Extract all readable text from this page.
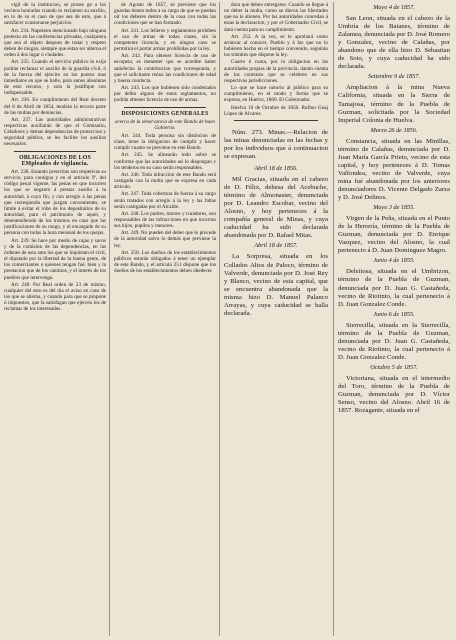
vigil de la institucion, se proste ge a los vecinos honrados cuando lo reclamen su auxilio, en lo de su el caso de que sea de esto, que á satisfacer ocasionarse perjuicios.

Art. 234. Napoleon mencionado bajo ninguna pretexto en las conferencias privadas, cualquiera que sea el objeto despues de tratar y respeto deben de mugan, siempre que estan ser alterna el orden á dos lugar ó ciudades.

Art. 235. Cuando el servicio público lo exija podrán reclamar el auxilio de la guardia civil, ó de la fuerza del ejército en los puntos mas inmediatos en que se halle, para aunes absolutas de esto recurso, y solo la justifique con indispensable.

Art. 236. En cumplimiento del Real decreto del 8 de Abril de 1854, tendrán la tercera parte de las multas por denuncias.

Art. 237. Las autoridades administrativas respectivas auxiliarán de que el Comisario, Celadores y demas dependencias de proteccion y seguridad pública, se les facilite los ausilios necesarios.

OBLIGACIONES DE LOS EMpleados de vigilancia.

Art. 238. Estando prescritas son respetivas su servicio, para contigua y en el artículo 9º, del código penal vigente, las penas en que incurren los que se negaren á prestar ausilio á la autoridad, á cuyo fin, y con arreglo á las penas que corresponda que juzgan convenientes, se limite á evitar el robo de los depositarios de su autoridad, para el patrimonio de aquel, y desentendiendo de los mismos en caso que las justificaciones de su ruego, y el encargado de su persona con todas la hora mensual de los quejas.

Art. 239. Se hace por medio de cajas y sacos y de la comision de las dependencias, en las órdenes de esta ante los que se inquietan el civil, el diputado por la libertad de la buena gente, de los comerciantes o quienes tengan fué, bien y la prestacion que de los caminos, y el interés de los pueblos que intervenga.

Art. 240. Por Real orden de 23 de mismo, cualquier del esto es del dia el aviso en caso de los que se alterna, y cuando para que se propone ó impuestos, que la satisfagan que ejercen los de reclamar de los interesados.

de Agosto de 1857, se previene que los guardas tienen todos a su cargo de que se puedan oír los deberes dentro de la cosa con todas las condiciones que se han formado.

Art. 241. Los leñeros y reglamentos prohíben el uso de armas de todas clases, sin la competente licencia, y en ningun caso se permitirá el portar armas prohibidas por la ley.

Art. 242. Para obtener licencia de uso de escopeta, es menester que se acredite haber satisfecho la contribucion que corresponda, y que el solicitante reúna las condiciones de edad y buena conducta.

Art. 243. Los que hubiesen sido condenados por delito alguno de estos reglamentos, no podrán obtener licencia de uso de armas.

DISPOSICIONES GENERALES
acerca de la observancia de este Bando de buen Gobierno.

Art. 244. Toda persona sin distincion de clase, tiene la obligacion de cumplir y hacer cumplir cuanto se previene en este Bando.

Art. 245. Se alinearán todo sobre se conforme que las autoridades así lo dispongan y los tenderos en su caso serán responsables.

Art. 246. Toda infraccion de este Bando será castigada con la multa que se expresa en cada artículo.

Art. 247. Toda cobertura de fuerza á su cargo serán tratados con arreglo á la ley y las faltas serán castigadas por el Alcalde.

Art. 248. Los padres, tutores y curadores, son responsables de las infracciones en que incurran sus hijos, pupilos y menores.

Art. 249. No pueden del deber que lo procede de la autoridad salvo lo demás que previene la ley.

Art. 250. Los dueños de los establecimientos públicos estarán obligados á tener un ejemplar de este Bando, y el artículo 251 dispone que los dueños de los establecimientos deben obedecer.

dora que deben entregarse. Cuando se llegue á un deber la multa, como se dieron las libertades que no le abonen. Por las autoridades concedan á estas la declaracion, y por el Gobernador Civil, se dará cuenta para su cumplimiento.

Art. 252. A la vez, se le aprobará como arrancar al conocer, Pueblo y á los que no lo hubieren hecho en el tiempo convenido, seguirán los trámites que dispone la ley.

Cuarto ó cuota, por la obligacion en las autoridades propias de la provincia, dando cuenta de los contratos que se celebren en sus respectivas jurisdicciones.

Lo que se hace notorio al público para su cumplimiento, en el modo y forma que se expresa, en Huelva, 1860. El Gobernador.

Huelva 10 de Octubre de 1858. Rufino Guaj López de Alvarez.

Núm. 273. Minas.—Relacion de las minas denunciadas en las fechas y por los individuos que á continuacion se expresan.

Abril 18 de 1856.

Mil Gracias, situada en el cabezo de D. Félix, dehesa del Acebuche, término de Almonaster, denunciada por D. Leandro Escobar, vecino del Alosno, y hoy perteneces á la compañía general de Minas, y cuya caducidad ha sido declarada abandonada por D. Rafael Mitas.

Abril 18 de 1857.

La Sorpresa, situada en los Collados Altos de Paloco, término de Valverde, denunciada por D. José Rey y Blanco, vecino de esta capital, que se encuentra abandonada que la misma hizo D. Manuel Palanco Arrayas, y cuya caducidad se halla declarada.

Mayo 4 de 1857.

San Leon, situada en el cabezo de la Umbría de los Batanes, término de Zalamea, denunciada por D. José Romero y Gonzalez, vecino de Calañas, por abandono que de ella hizo D. Sebastian de Soto, y cuya caducidad ha sido declarada.

Setiembre 9 de 1857.

Ampliacion á la mina Nueva California, situada en la Sierra de Tamajosa, término de la Puebla de Guzman, solicitada por la Sociedad Imperial Colonia de Huelva.

Marzo 26 de 1856.

Constancia, situada en las Minillas, término de Calañas, denunciada por D. Juan María García Prieto, vecino de esta capital, y hoy perteneces á D. Tomas Valfondea, vecino de Valverde, cuya mina fué abandonada por los anteriores denunciadores D. Vicente Delgado Zarza y D. José Delinos.

Mayo 3 de 1855.

Virgen de la Peña, situada en el Punto de la Herrería, término de la Puebla de Guzman, denunciada por D. Enrique Vazquez, vecino del Alosno, la cual pertenecio á D. Juan Dominguez Magro.

Junio 4 de 1855.

Deleitosa, situada en el Umbrizon, término de la Puebla de Guzman, denunciada por D. Juan G. Castañeda, vecino de Riotinto, la cual pertenecio á D. Juan Gonzalez Conde.

Junio 6 de 1855.

Sierrecilla, situada en la Sierrecilla, término de la Puebla de Guzman, denunciada por D. Juan G. Castañeda, vecino de Riotinto, la cual pertenecio á D. Juan Gonzalez Conde.

Octubre 5 de 1857.

Victoriana, situada en el intermedio del Toro, término de la Puebla de Guzman, denunciada por D. Víctor Senso, vecino del Alosno. Abril 16 de 1857. Rozagante, situada en el
